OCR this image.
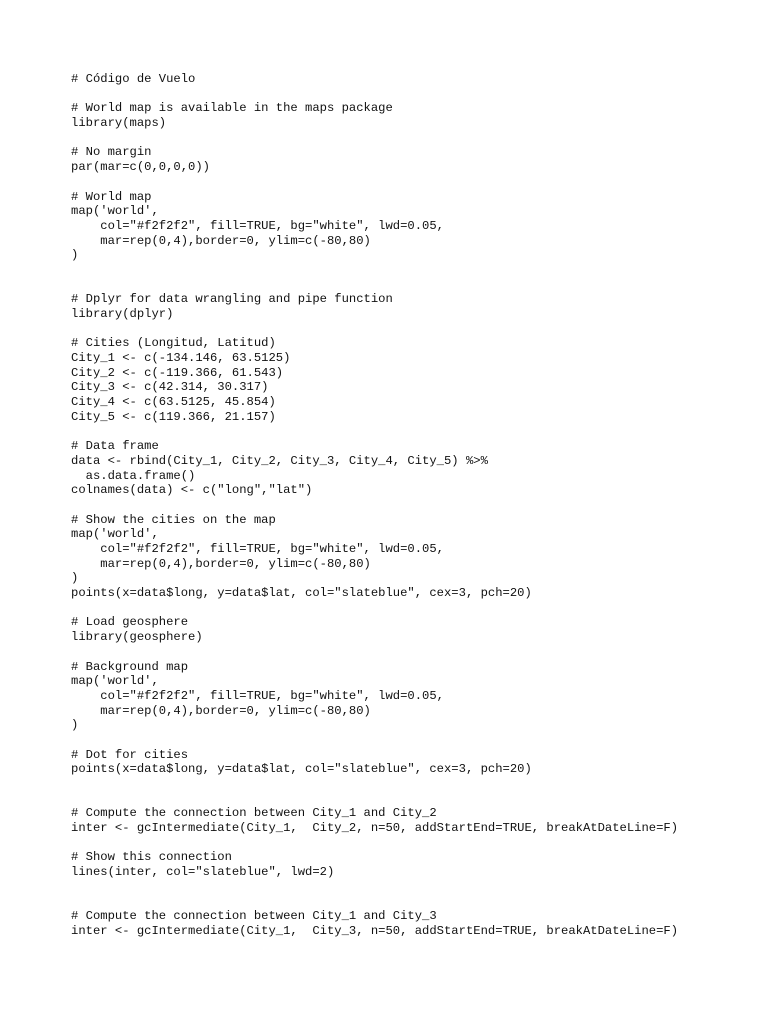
# Código de Vuelo
# World map is available in the maps package
library(maps)
# No margin
par(mar=c(0,0,0,0))
# World map
map('world',
col="#f2f2f2", fill=TRUE, bg="white", lwd=0.05,
mar=rep(0,4),border=0, ylim=c(-80,80)
)
# Dplyr for data wrangling and pipe function
library(dplyr)
# Cities (Longitud, Latitud)
City_1 <- c(-134.146, 63.5125)
City_2 <- c(-119.366, 61.543)
City_3 <- c(42.314, 30.317)
City_4 <- c(63.5125, 45.854)
City_5 <- c(119.366, 21.157)
# Data frame
data <- rbind(City_1, City_2, City_3, City_4, City_5) %>%
as.data.frame()
colnames(data) <- c("long","lat")
# Show the cities on the map
map('world',
col="#f2f2f2", fill=TRUE, bg="white", lwd=0.05,
mar=rep(0,4),border=0, ylim=c(-80,80)
)
points(x=data$long, y=data$lat, col="slateblue", cex=3, pch=20)
# Load geosphere
library(geosphere)
# Background map
map('world',
col="#f2f2f2", fill=TRUE, bg="white", lwd=0.05,
mar=rep(0,4),border=0, ylim=c(-80,80)
)
# Dot for cities
points(x=data$long, y=data$lat, col="slateblue", cex=3, pch=20)
# Compute the connection between City_1 and City_2
inter <- gcIntermediate(City_1,  City_2, n=50, addStartEnd=TRUE, breakAtDateLine=F)
# Show this connection
lines(inter, col="slateblue", lwd=2)
# Compute the connection between City_1 and City_3
inter <- gcIntermediate(City_1,  City_3, n=50, addStartEnd=TRUE, breakAtDateLine=F)
